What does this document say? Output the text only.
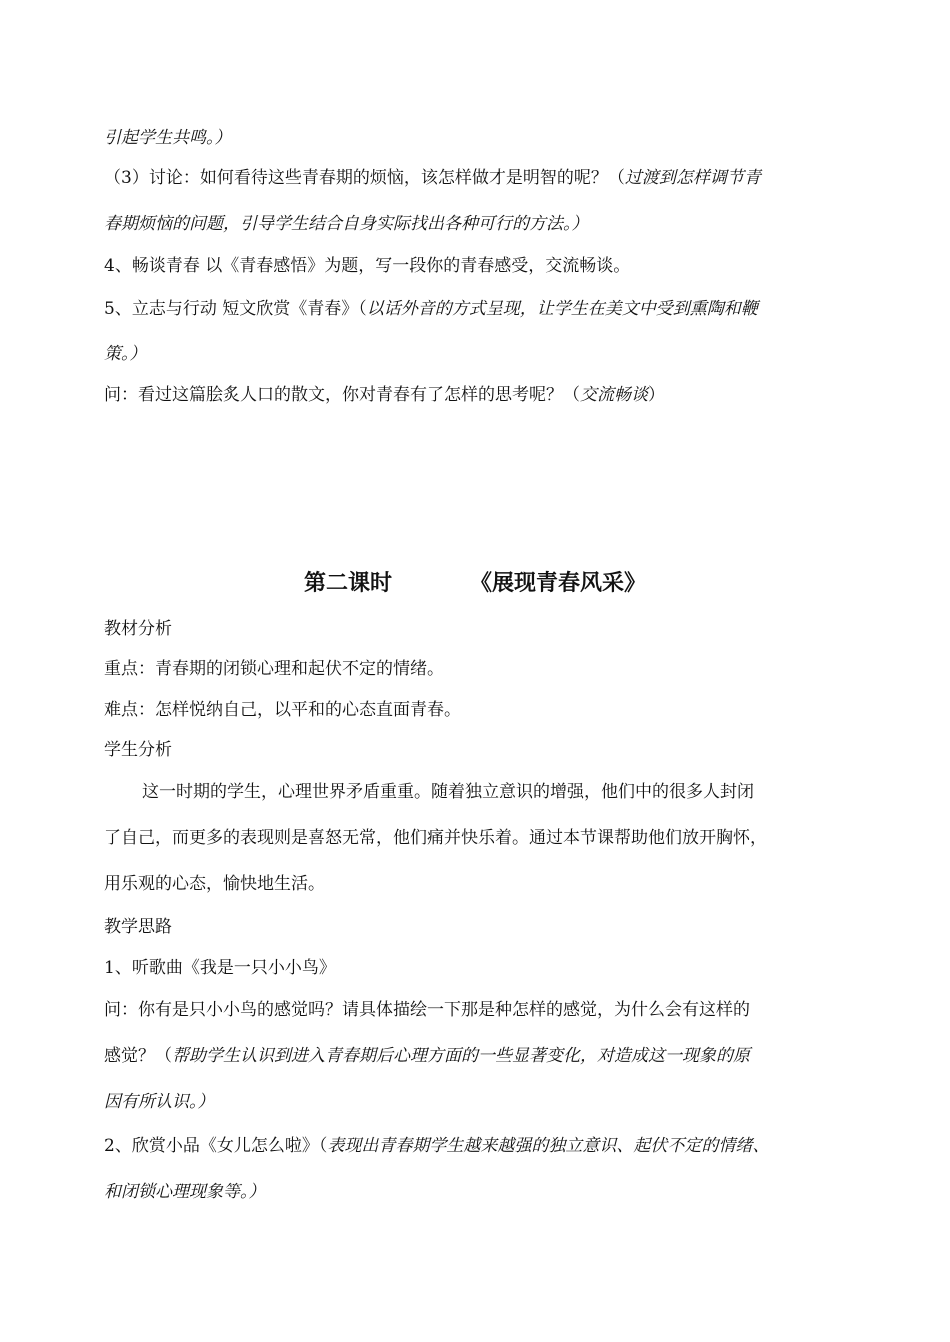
引起学生共鸣。）
（3）讨论：如何看待这些青春期的烦恼，该怎样做才是明智的呢？（过渡到怎样调节青
春期烦恼的问题，引导学生结合自身实际找出各种可行的方法。）
4、畅谈青春 以《青春感悟》为题，写一段你的青春感受，交流畅谈。
5、立志与行动 短文欣赏《青春》（以话外音的方式呈现，让学生在美文中受到熏陶和鞭
策。）
问：看过这篇脍炙人口的散文，你对青春有了怎样的思考呢？（交流畅谈）
第二课时	《展现青春风采》
教材分析
重点：青春期的闭锁心理和起伏不定的情绪。
难点：怎样悦纳自己，以平和的心态直面青春。
学生分析
这一时期的学生，心理世界矛盾重重。随着独立意识的增强，他们中的很多人封闭
了自己，而更多的表现则是喜怒无常，他们痛并快乐着。通过本节课帮助他们放开胸怀，
用乐观的心态，愉快地生活。
教学思路
1、听歌曲《我是一只小小鸟》
问：你有是只小小鸟的感觉吗？请具体描绘一下那是种怎样的感觉，为什么会有这样的
感觉？（帮助学生认识到进入青春期后心理方面的一些显著变化，对造成这一现象的原
因有所认识。）
2、欣赏小品《女儿怎么啦》（表现出青春期学生越来越强的独立意识、起伏不定的情绪、
和闭锁心理现象等。）
